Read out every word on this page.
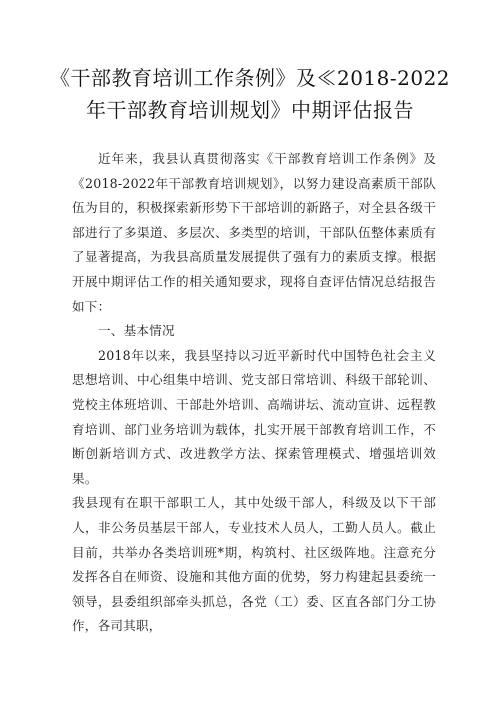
《干部教育培训工作条例》及≪2018-2022
年干部教育培训规划》中期评估报告

近年来，我县认真贯彻落实《干部教育培训工作条例》及《2018-2022年干部教育培训规划》，以努力建设高素质干部队伍为目的，积极探索新形势下干部培训的新路子，对全县各级干部进行了多渠道、多层次、多类型的培训，干部队伍整体素质有了显著提高，为我县高质量发展提供了强有力的素质支撑。根据开展中期评估工作的相关通知要求，现将自查评估情况总结报告如下：

一、基本情况

2018年以来，我县坚持以习近平新时代中国特色社会主义思想培训、中心组集中培训、党支部日常培训、科级干部轮训、党校主体班培训、干部赴外培训、高端讲坛、流动宣讲、远程教育培训、部门业务培训为载体，扎实开展干部教育培训工作，不断创新培训方式、改进教学方法、探索管理模式、增强培训效果。

我县现有在职干部职工人，其中处级干部人，科级及以下干部人，非公务员基层干部人，专业技术人员人，工勤人员人。截止目前，共举办各类培训班*期，构筑村、社区级阵地。注意充分发挥各自在师资、设施和其他方面的优势，努力构建起县委统一领导，县委组织部牵头抓总，各党（工）委、区直各部门分工协作，各司其职，
